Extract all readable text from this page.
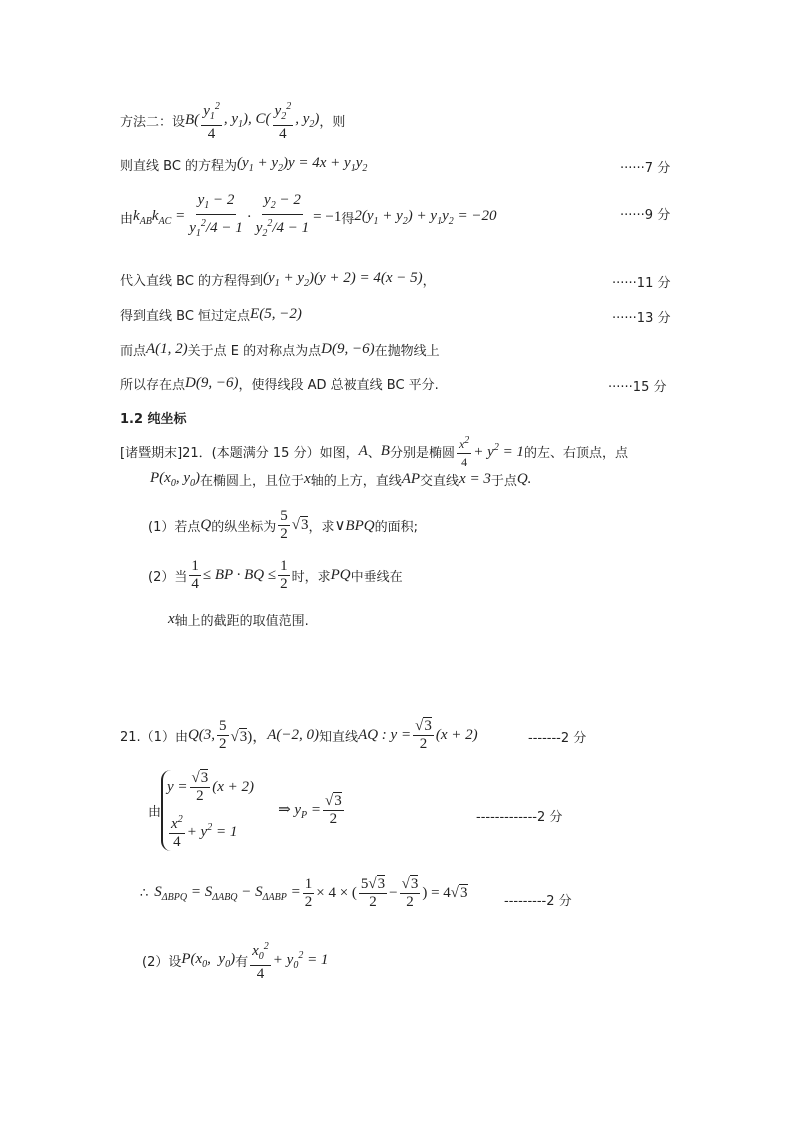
方法二：设 $B( \frac{y_1^2}{4}$ , $y_1$), $C( \frac{y_2^2}{4}$ , $y_2$) ，则
则直线 BC 的方程为 $(y_1 + y_2)y = 4x + y_1y_2$	······7 分
由 $k_{AB}k_{AC} = \frac{y_1 - 2}{y_1^2/4 - 1} \cdot \frac{y_2 - 2}{y_2^2/4 - 1} = -1$ 得 $2(y_1 + y_2) + y_1y_2 = -20$	······9 分
代入直线 BC 的方程得到 $(y_1 + y_2)(y + 2) = 4(x - 5)$ ，	······11 分
得到直线 BC 恒过定点 E(5, −2)	······13 分
而点 A(1, 2) 关于点 E 的对称点为点 D(9, −6) 在抛物线上
所以存在点 D(9, −6) ，使得线段 AD 总被直线 BC 平分.	······15 分
1.2 纯坐标
[诸暨期末]21．(本题满分 15 分）如图， A 、 B 分别是椭圆 $\frac{x^2}{4} + y^2 = 1$ 的左、右顶点，点
$P(x_0$, $y_0$) 在椭圆上，且位于 x 轴的上方，直线 AP 交直线 x = 3 于点 Q.
(1）若点 Q 的纵坐标为 $\frac{5}{2} √3$ ，求 ∨BPQ 的面积;
(2）当 $\frac{1}{4}$ ≤ BP · BQ ≤ $\frac{1}{2}$ 时，求 PQ 中垂线在
x 轴上的截距的取值范围.
21.（1）由 Q(3, $\frac{5}{2} √3$)， A(−2, 0) 知直线 AQ : $y = \frac{√3}{2} (x + 2)$	-------2 分
由
$y = \frac{√3}{2} (x + 2)$
$\frac{x^2}{4} + y^2 = 1$
⇒ $y_P = \frac{√3}{2}$	-------------2 分
∴ $S_{\Delta BPQ} = S_{\Delta ABQ} - S_{\Delta ABP} = \frac{1}{2} \times 4$ × ( $\frac{5√3}{2} - \frac{√3}{2}$ ) = 4√3
---------2 分
(2）设 $P(x_0$,  $y_0$) 有 $\frac{x_0^2}{4} + y_0^2 = 1$
